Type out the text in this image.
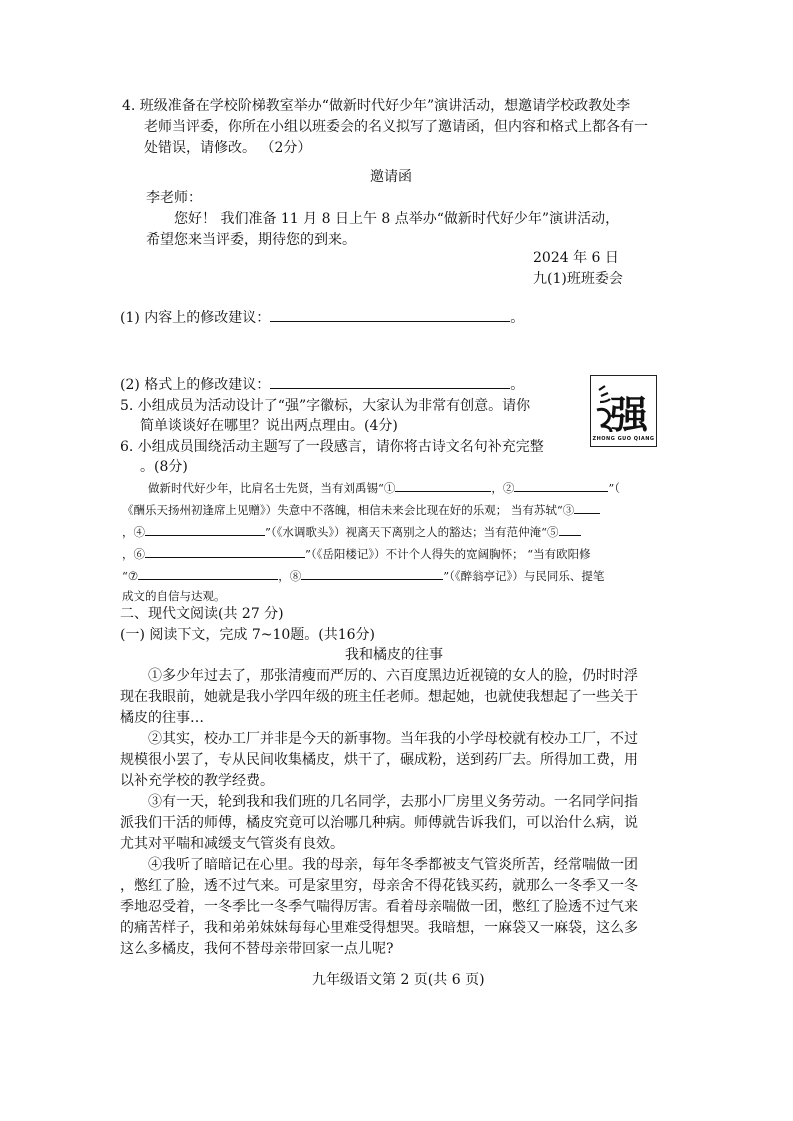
4. 班级准备在学校阶梯教室举办“做新时代好少年”演讲活动，想邀请学校政教处李
老师当评委，你所在小组以班委会的名义拟写了邀请函，但内容和格式上都各有一
处错误，请修改。 （2分）
邀请函
李老师：
您好！ 我们准备 11 月 8 日上午 8 点举办“做新时代好少年”演讲活动，
希望您来当评委，期待您的到来。
2024 年 6 日
九(1)班班委会
(1) 内容上的修改建议：	。
(2) 格式上的修改建议：	。
5. 小组成员为活动设计了“强”字徽标，大家认为非常有创意。请你
简单谈谈好在哪里？说出两点理由。(4分)	强
ZHONG GUO QIANG
6. 小组成员围绕活动主题写了一段感言，请你将古诗文名句补充完整
。(8分)
做新时代好少年，比肩名士先贤，当有刘禹锡“①	，②	”（
《酬乐天扬州初逢席上见赠》）失意中不落魄，相信未来会比现在好的乐观； 当有苏轼“③
，④	”（《水调歌头》）视离天下离别之人的豁达；当有范仲淹“⑤
，⑥	”（《岳阳楼记》）不计个人得失的宽阔胸怀； “当有欧阳修
“⑦	，⑧	”（《醉翁亭记》）与民同乐、提笔
成文的自信与达观。
二、现代文阅读(共 27 分)
(一) 阅读下文，完成 7~10题。(共16分)
我和橘皮的往事
①多少年过去了，那张清瘦而严厉的、六百度黑边近视镜的女人的脸，仍时时浮
现在我眼前，她就是我小学四年级的班主任老师。想起她，也就使我想起了一些关于
橘皮的往事…
②其实，校办工厂并非是今天的新事物。当年我的小学母校就有校办工厂，不过
规模很小罢了，专从民间收集橘皮，烘干了，碾成粉，送到药厂去。所得加工费，用
以补充学校的教学经费。
③有一天，轮到我和我们班的几名同学，去那小厂房里义务劳动。一名同学问指
派我们干活的师傅，橘皮究竟可以治哪几种病。师傅就告诉我们，可以治什么病，说
尤其对平喘和减缓支气管炎有良效。
④我听了暗暗记在心里。我的母亲，每年冬季都被支气管炎所苦，经常喘做一团
，憋红了脸，透不过气来。可是家里穷，母亲舍不得花钱买药，就那么一冬季又一冬
季地忍受着，一冬季比一冬季气喘得厉害。看着母亲喘做一团，憋红了脸透不过气来
的痛苦样子，我和弟弟妹妹每每心里难受得想哭。我暗想，一麻袋又一麻袋，这么多
这么多橘皮，我何不替母亲带回家一点儿呢?
九年级语文第 2 页(共 6 页)
